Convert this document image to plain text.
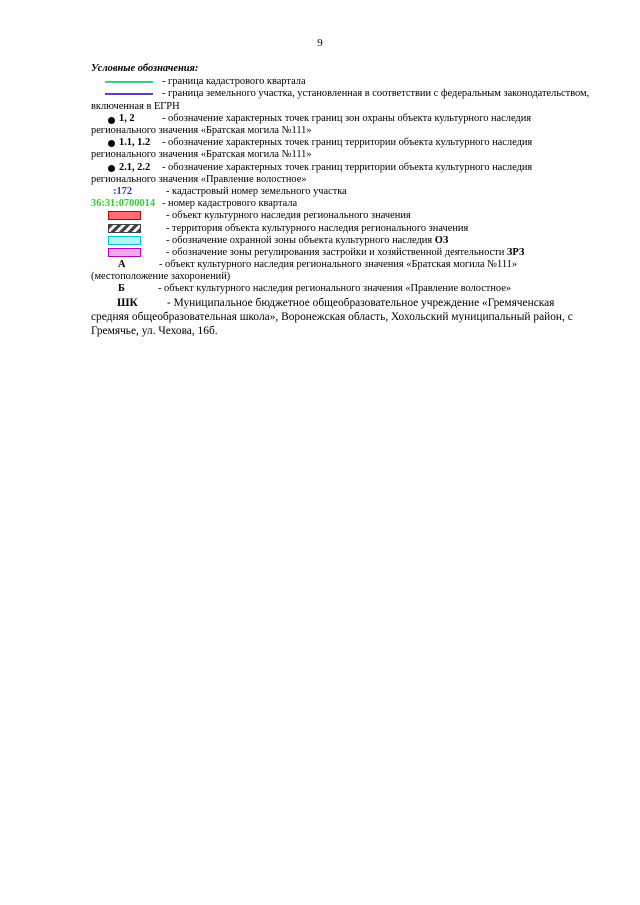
9
Условные обозначения:
- граница кадастрового квартала
- граница земельного участка, установленная в соответствии с федеральным законодательством,
включенная в ЕГРН
1, 2	- обозначение характерных точек границ зон охраны объекта культурного наследия
регионального значения «Братская могила №111»
1.1, 1.2 - обозначение характерных точек границ территории объекта культурного наследия
регионального значения «Братская могила №111»
2.1, 2.2 - обозначение характерных точек границ территории объекта культурного наследия
регионального значения «Правление волостное»
:172	- кадастровый номер земельного участка
36:31:0700014 - номер кадастрового квартала
- объект культурного наследия регионального значения
- территория объекта культурного наследия регионального значения
- обозначение охранной зоны объекта культурного наследия ОЗ
- обозначение зоны регулирования застройки и хозяйственной деятельности ЗРЗ
А	- объект культурного наследия регионального значения «Братская могила №111»
(местоположение захоронений)
Б	- объект культурного наследия регионального значения «Правление волостное»
ШК	- Муниципальное бюджетное общеобразовательное учреждение «Гремяченская
средняя общеобразовательная школа», Воронежская область, Хохольский муниципальный район, с
Гремячье, ул. Чехова, 16б.
